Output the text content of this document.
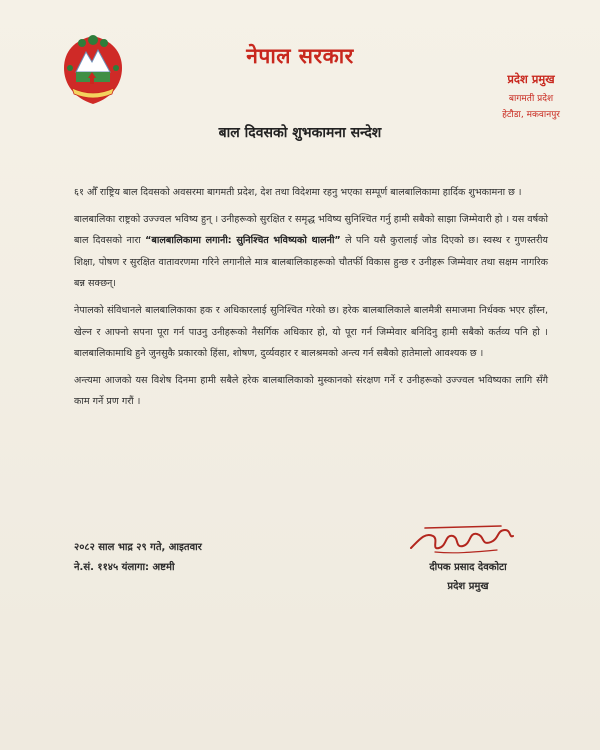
नेपाल सरकार
प्रदेश प्रमुख
बागमती प्रदेश
हेटौडा, मकवानपुर
बाल दिवसको शुभकामना सन्देश

६१ औँ राष्ट्रिय बाल दिवसको अवसरमा बागमती प्रदेश, देश तथा विदेशमा रहनु भएका सम्पूर्ण बालबालिकामा हार्दिक शुभकामना छ ।

बालबालिका राष्ट्रको उज्ज्वल भविष्य हुन् । उनीहरूको सुरक्षित र समृद्ध भविष्य सुनिश्चित गर्नु हामी सबैको साझा जिम्मेवारी हो । यस वर्षको बाल दिवसको नारा “बालबालिकामा लगानी: सुनिश्चित भविष्यको थालनी” ले पनि यसै कुरालाई जोड दिएको छ। स्वस्थ र गुणस्तरीय शिक्षा, पोषण र सुरक्षित वातावरणमा गरिने लगानीले मात्र बालबालिकाहरूको चौतर्फी विकास हुन्छ र उनीहरू जिम्मेवार तथा सक्षम नागरिक बन्न सक्छन्।

नेपालको संविधानले बालबालिकाका हक र अधिकारलाई सुनिश्चित गरेको छ। हरेक बालबालिकाले बालमैत्री समाजमा निर्धक्क भएर हाँस्न, खेल्न र आफ्नो सपना पूरा गर्न पाउनु उनीहरूको नैसर्गिक अधिकार हो, यो पूरा गर्न जिम्मेवार बनिदिनु हामी सबैको कर्तव्य पनि हो । बालबालिकामाथि हुने जुनसुकै प्रकारको हिंसा, शोषण, दुर्व्यवहार र बालश्रमको अन्त्य गर्न सबैको हातेमालो आवश्यक छ ।

अन्त्यमा आजको यस विशेष दिनमा हामी सबैले हरेक बालबालिकाको मुस्कानको संरक्षण गर्ने र उनीहरूको उज्ज्वल भविष्यका लागि सँगै काम गर्ने प्रण गरौं ।

२०८२ साल भाद्र २९ गते, आइतवार
ने.सं. ११४५ यंलागा: अष्टमी	दीपक प्रसाद देवकोटा
प्रदेश प्रमुख
